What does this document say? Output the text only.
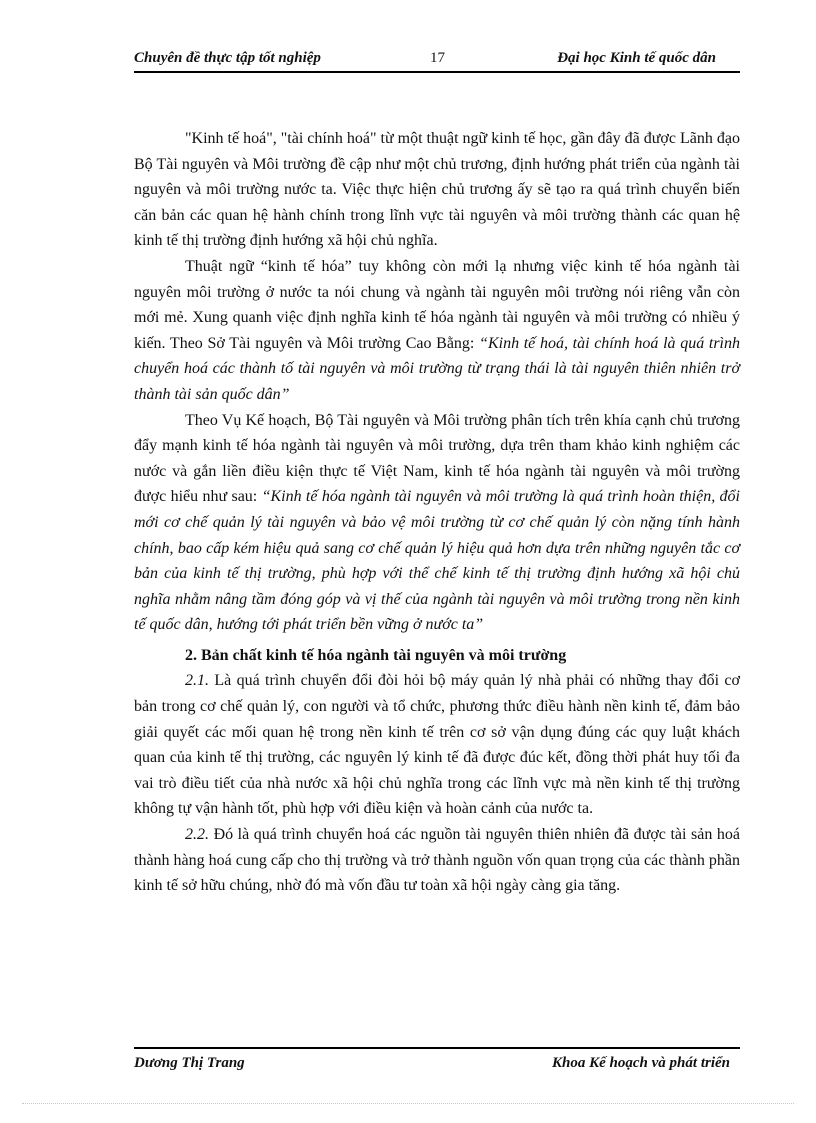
Chuyên đề thực tập tốt nghiệp	17	Đại học Kinh tế quốc dân

"Kinh tế hoá", "tài chính hoá" từ một thuật ngữ kinh tế học, gần đây đã được Lãnh đạo Bộ Tài nguyên và Môi trường đề cập như một chủ trương, định hướng phát triển của ngành tài nguyên và môi trường nước ta. Việc thực hiện chủ trương ấy sẽ tạo ra quá trình chuyển biến căn bản các quan hệ hành chính trong lĩnh vực tài nguyên và môi trường thành các quan hệ kinh tế thị trường định hướng xã hội chủ nghĩa.

Thuật ngữ “kinh tế hóa” tuy không còn mới lạ nhưng việc kinh tế hóa ngành tài nguyên môi trường ở nước ta nói chung và ngành tài nguyên môi trường nói riêng vẫn còn mới mẻ. Xung quanh việc định nghĩa kinh tế hóa ngành tài nguyên và môi trường có nhiều ý kiến. Theo Sở Tài nguyên và Môi trường Cao Bằng: “Kinh tế hoá, tài chính hoá là quá trình chuyển hoá các thành tố tài nguyên và môi trường từ trạng thái là tài nguyên thiên nhiên trở thành tài sản quốc dân”

Theo Vụ Kế hoạch, Bộ Tài nguyên và Môi trường phân tích trên khía cạnh chủ trương đẩy mạnh kinh tế hóa ngành tài nguyên và môi trường, dựa trên tham khảo kinh nghiệm các nước và gắn liền điều kiện thực tế Việt Nam, kinh tế hóa ngành tài nguyên và môi trường được hiểu như sau: “Kinh tế hóa ngành tài nguyên và môi trường là quá trình hoàn thiện, đổi mới cơ chế quản lý tài nguyên và bảo vệ môi trường từ cơ chế quản lý còn nặng tính hành chính, bao cấp kém hiệu quả sang cơ chế quản lý hiệu quả hơn dựa trên những nguyên tắc cơ bản của kinh tế thị trường, phù hợp với thể chế kinh tế thị trường định hướng xã hội chủ nghĩa nhằm nâng tầm đóng góp và vị thế của ngành tài nguyên và môi trường trong nền kinh tế quốc dân, hướng tới phát triển bền vững ở nước ta”

2. Bản chất kinh tế hóa ngành tài nguyên và môi trường

2.1. Là quá trình chuyển đổi đòi hỏi bộ máy quản lý nhà phải có những thay đổi cơ bản trong cơ chế quản lý, con người và tổ chức, phương thức điều hành nền kinh tế, đảm bảo giải quyết các mối quan hệ trong nền kinh tế trên cơ sở vận dụng đúng các quy luật khách quan của kinh tế thị trường, các nguyên lý kinh tế đã được đúc kết, đồng thời phát huy tối đa vai trò điều tiết của nhà nước xã hội chủ nghĩa trong các lĩnh vực mà nền kinh tế thị trường không tự vận hành tốt, phù hợp với điều kiện và hoàn cảnh của nước ta.

2.2. Đó là quá trình chuyển hoá các nguồn tài nguyên thiên nhiên đã được tài sản hoá thành hàng hoá cung cấp cho thị trường và trở thành nguồn vốn quan trọng của các thành phần kinh tế sở hữu chúng, nhờ đó mà vốn đầu tư toàn xã hội ngày càng gia tăng.

Dương Thị Trang	Khoa Kế hoạch và phát triển
